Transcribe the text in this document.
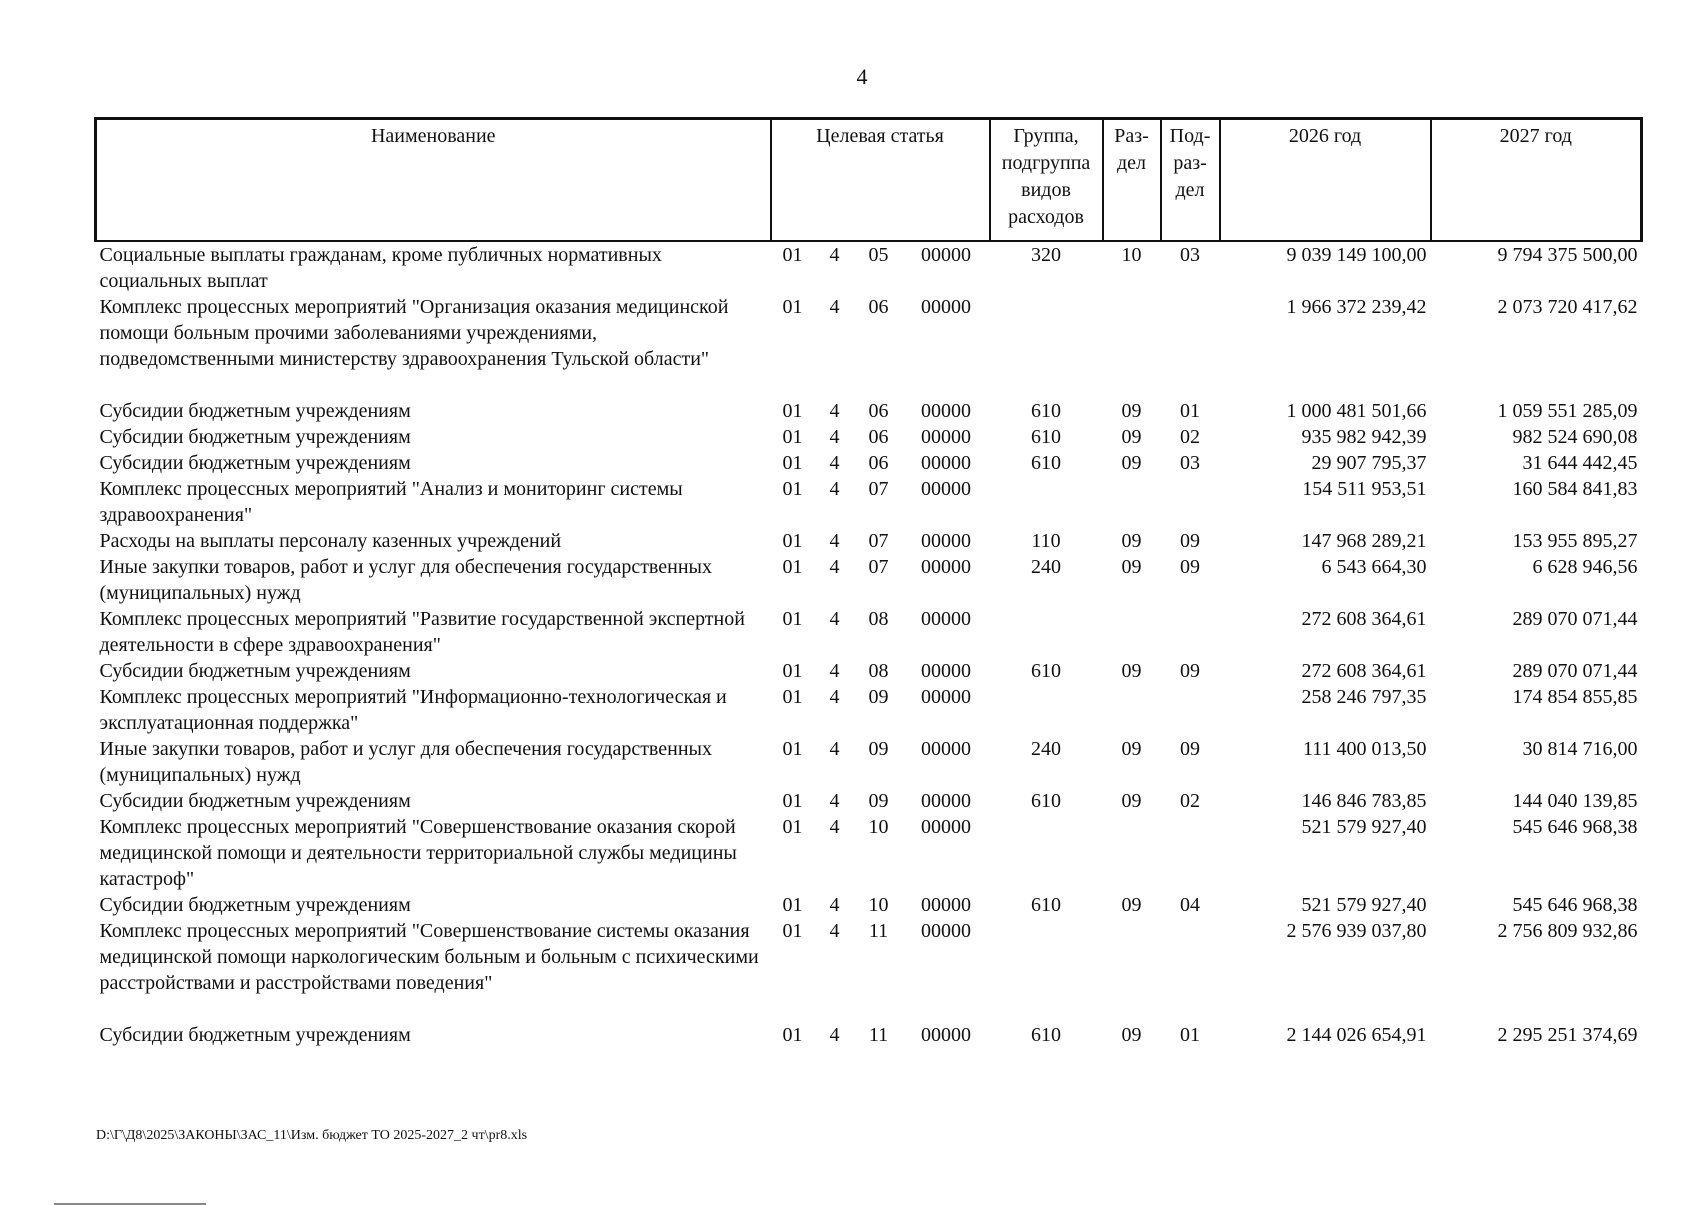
4
Наименование	Целевая статья				Группа, подгруппа видов расходов	Раз- дел	Под- раз- дел	2026 год	2027 год
Социальные выплаты гражданам, кроме публичных нормативных социальных выплат	01	4	05	00000	320	10	03	9 039 149 100,00	9 794 375 500,00
Комплекс процессных мероприятий "Организация оказания медицинской помощи больным прочими заболеваниями учреждениями, подведомственными министерству здравоохранения Тульской области"	01	4	06	00000				1 966 372 239,42	2 073 720 417,62
Субсидии бюджетным учреждениям	01	4	06	00000	610	09	01	1 000 481 501,66	1 059 551 285,09
Субсидии бюджетным учреждениям	01	4	06	00000	610	09	02	935 982 942,39	982 524 690,08
Субсидии бюджетным учреждениям	01	4	06	00000	610	09	03	29 907 795,37	31 644 442,45
Комплекс процессных мероприятий "Анализ и мониторинг системы здравоохранения"	01	4	07	00000				154 511 953,51	160 584 841,83
Расходы на выплаты персоналу казенных учреждений	01	4	07	00000	110	09	09	147 968 289,21	153 955 895,27
Иные закупки товаров, работ и услуг для обеспечения государственных (муниципальных) нужд	01	4	07	00000	240	09	09	6 543 664,30	6 628 946,56
Комплекс процессных мероприятий "Развитие государственной экспертной деятельности в сфере здравоохранения"	01	4	08	00000				272 608 364,61	289 070 071,44
Субсидии бюджетным учреждениям	01	4	08	00000	610	09	09	272 608 364,61	289 070 071,44
Комплекс процессных мероприятий "Информационно-технологическая и эксплуатационная поддержка"	01	4	09	00000				258 246 797,35	174 854 855,85
Иные закупки товаров, работ и услуг для обеспечения государственных (муниципальных) нужд	01	4	09	00000	240	09	09	111 400 013,50	30 814 716,00
Субсидии бюджетным учреждениям	01	4	09	00000	610	09	02	146 846 783,85	144 040 139,85
Комплекс процессных мероприятий "Совершенствование оказания скорой медицинской помощи и деятельности территориальной службы медицины катастроф"	01	4	10	00000				521 579 927,40	545 646 968,38
Субсидии бюджетным учреждениям	01	4	10	00000	610	09	04	521 579 927,40	545 646 968,38
Комплекс процессных мероприятий "Совершенствование системы оказания медицинской помощи наркологическим больным и больным с психическими расстройствами и расстройствами поведения"	01	4	11	00000				2 576 939 037,80	2 756 809 932,86
Субсидии бюджетным учреждениям	01	4	11	00000	610	09	01	2 144 026 654,91	2 295 251 374,69
D:\Г\Д8\2025\ЗАКОНЫ\ЗАС_11\Изм. бюджет ТО 2025-2027_2 чт\pr8.xls
